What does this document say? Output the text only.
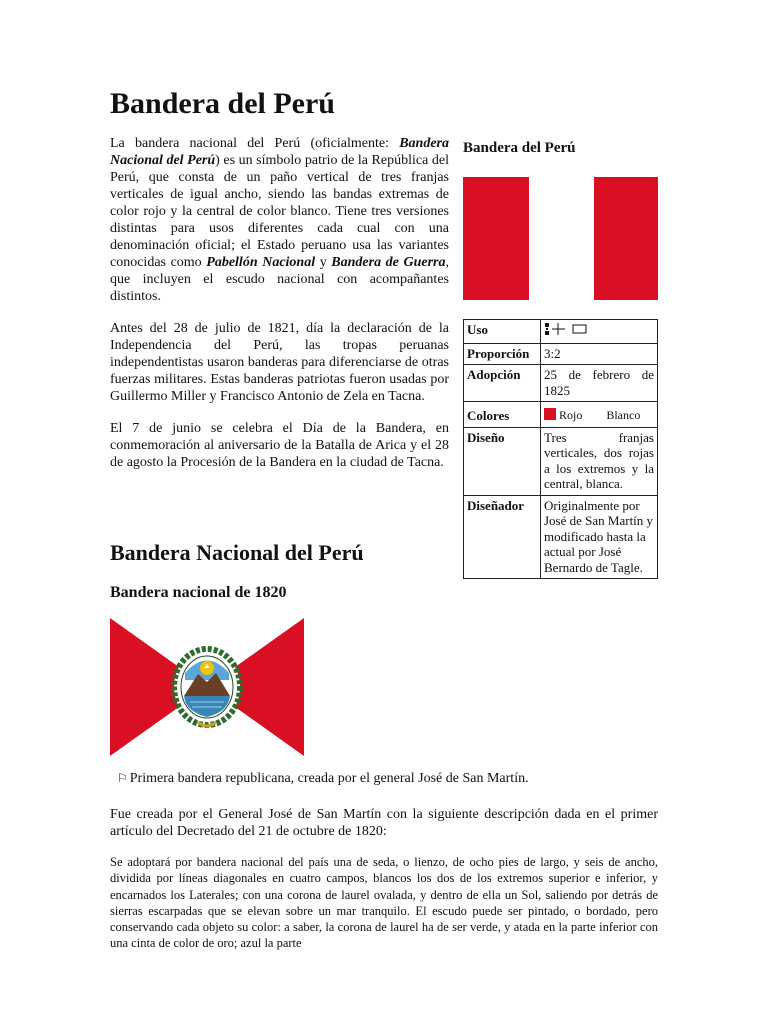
Bandera del Perú

La bandera nacional del Perú (oficialmente: Bandera Nacional del Perú) es un símbolo patrio de la República del Perú, que consta de un paño vertical de tres franjas verticales de igual ancho, siendo las bandas extremas de color rojo y la central de color blanco. Tiene tres versiones distintas para usos diferentes cada cual con una denominación oficial; el Estado peruano usa las variantes conocidas como Pabellón Nacional y Bandera de Guerra, que incluyen el escudo nacional con acompañantes distintos.

Antes del 28 de julio de 1821, día la declaración de la Independencia del Perú, las tropas peruanas independentistas usaron banderas para diferenciarse de otras fuerzas militares. Estas banderas patriotas fueron usadas por Guillermo Miller y Francisco Antonio de Zela en Tacna.

El 7 de junio se celebra el Día de la Bandera, en conmemoración al aniversario de la Batalla de Arica y el 28 de agosto la Procesión de la Bandera en la ciudad de Tacna.

Bandera Nacional del Perú
Bandera nacional de 1820
⚐ Primera bandera republicana, creada por el general José de San Martín.

Fue creada por el General José de San Martín con la siguiente descripción dada en el primer artículo del Decretado del 21 de octubre de 1820:

Se adoptará por bandera nacional del país una de seda, o lienzo, de ocho pies de largo, y seis de ancho, dividida por líneas diagonales en cuatro campos, blancos los dos de los extremos superior e inferior, y encarnados los Laterales; con una corona de laurel ovalada, y dentro de ella un Sol, saliendo por detrás de sierras escarpadas que se elevan sobre un mar tranquilo. El escudo puede ser pintado, o bordado, pero conservando cada objeto su color: a saber, la corona de laurel ha de ser verde, y atada en la parte inferior con una cinta de color de oro; azul la parte

Bandera del Perú
Uso	

Proporción	3:2
Adopción	25 de febrero de 1825
Colores	Rojo Blanco
Diseño	Tres franjas verticales, dos rojas a los extremos y la central, blanca.
Diseñador	Originalmente por José de San Martín y modificado hasta la actual por José Bernardo de Tagle.
